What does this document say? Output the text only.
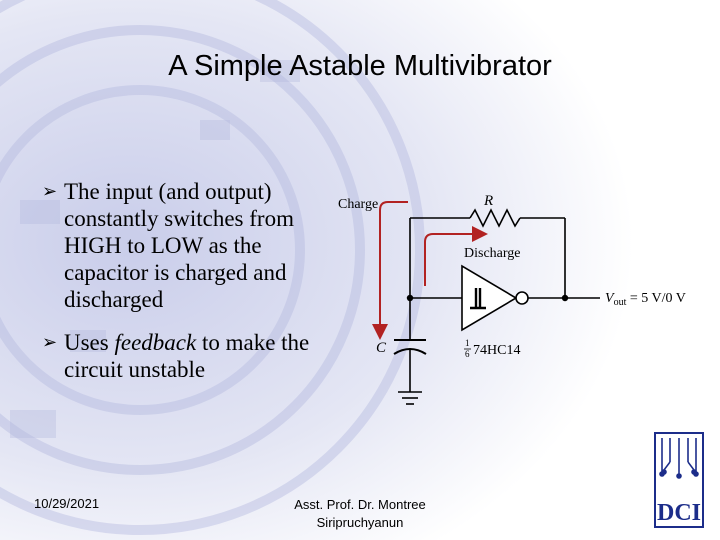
A Simple Astable Multivibrator
➢ The input (and output) constantly switches from HIGH to LOW as the capacitor is charged and discharged
➢ Uses feedback to make the circuit unstable
Charge	R
Discharge
C	1
6 74HC14
$V_{out} = 5$ V/0 V
10/29/2021	Asst. Prof. Dr. Montree
Siripruchyanun	DCI
